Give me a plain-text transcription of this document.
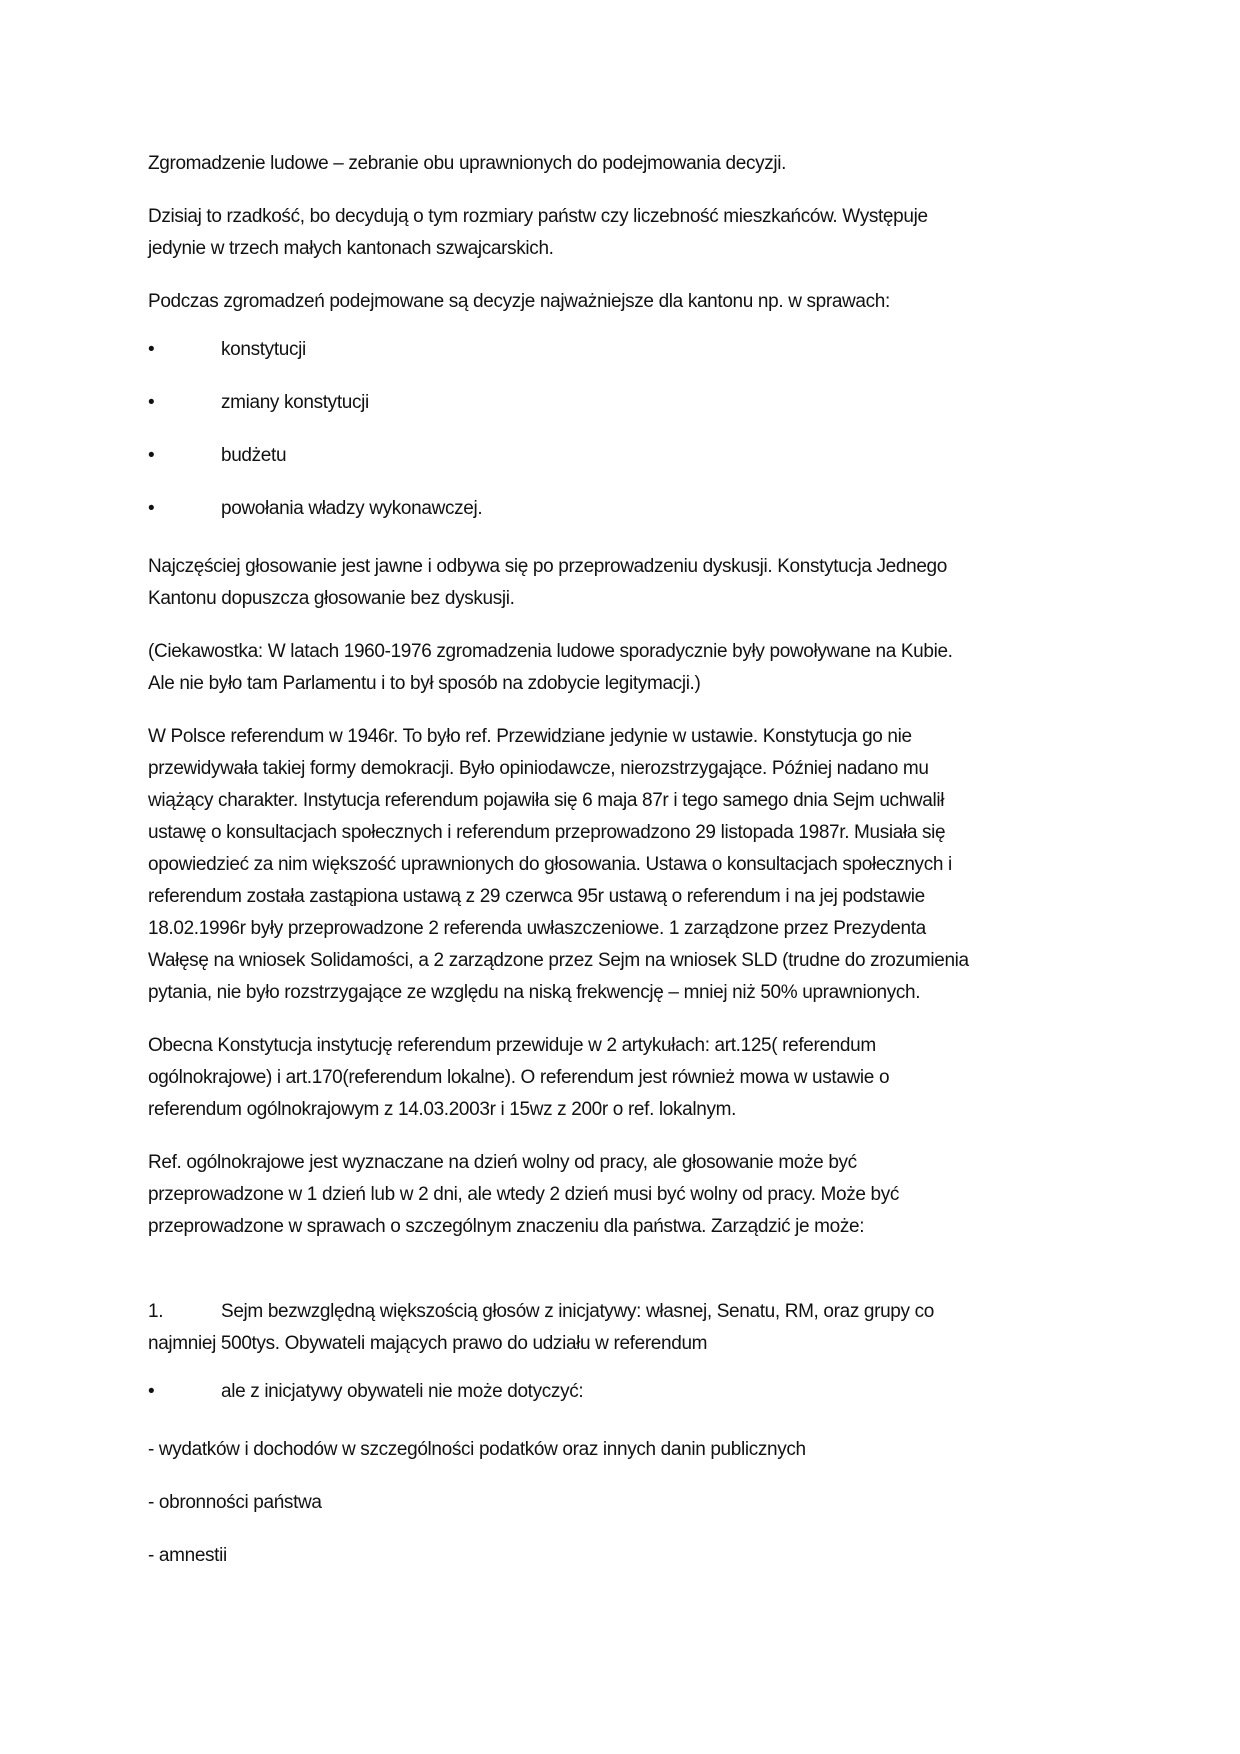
Zgromadzenie ludowe – zebranie obu uprawnionych do podejmowania decyzji.

Dzisiaj to rzadkość, bo decydują o tym rozmiary państw czy liczebność mieszkańców. Występuje

jedynie w trzech małych kantonach szwajcarskich.

Podczas zgromadzeń podejmowane są decyzje najważniejsze dla kantonu np. w sprawach:

•	konstytucji
•	zmiany konstytucji
•	budżetu
•	powołania władzy wykonawczej.

Najczęściej głosowanie jest jawne i odbywa się po przeprowadzeniu dyskusji. Konstytucja Jednego

Kantonu dopuszcza głosowanie bez dyskusji.

(Ciekawostka: W latach 1960-1976 zgromadzenia ludowe sporadycznie były powoływane na Kubie.

Ale nie było tam Parlamentu i to był sposób na zdobycie legitymacji.)

W Polsce referendum w 1946r. To było ref. Przewidziane jedynie w ustawie. Konstytucja go nie

przewidywała takiej formy demokracji. Było opiniodawcze, nierozstrzygające. Później nadano mu

wiążący charakter. Instytucja referendum pojawiła się 6 maja 87r i tego samego dnia Sejm uchwalił

ustawę o konsultacjach społecznych i referendum przeprowadzono 29 listopada 1987r. Musiała się

opowiedzieć za nim większość uprawnionych do głosowania. Ustawa o konsultacjach społecznych i

referendum została zastąpiona ustawą z 29 czerwca 95r ustawą o referendum i na jej podstawie

18.02.1996r były przeprowadzone 2 referenda uwłaszczeniowe. 1 zarządzone przez Prezydenta

Wałęsę na wniosek Solidamości, a 2 zarządzone przez Sejm na wniosek SLD (trudne do zrozumienia

pytania, nie było rozstrzygające ze względu na niską frekwencję – mniej niż 50% uprawnionych.

Obecna Konstytucja instytucję referendum przewiduje w 2 artykułach: art.125( referendum

ogólnokrajowe) i art.170(referendum lokalne). O referendum jest również mowa w ustawie o

referendum ogólnokrajowym z 14.03.2003r i 15wz z 200r o ref. lokalnym.

Ref. ogólnokrajowe jest wyznaczane na dzień wolny od pracy, ale głosowanie może być

przeprowadzone w 1 dzień lub w 2 dni, ale wtedy 2 dzień musi być wolny od pracy. Może być

przeprowadzone w sprawach o szczególnym znaczeniu dla państwa. Zarządzić je może:

1.	Sejm bezwzględną większością głosów z inicjatywy: własnej, Senatu, RM, oraz grupy co

najmniej 500tys. Obywateli mających prawo do udziału w referendum

•	ale z inicjatywy obywateli nie może dotyczyć:

- wydatków i dochodów w szczególności podatków oraz innych danin publicznych

- obronności państwa

- amnestii
